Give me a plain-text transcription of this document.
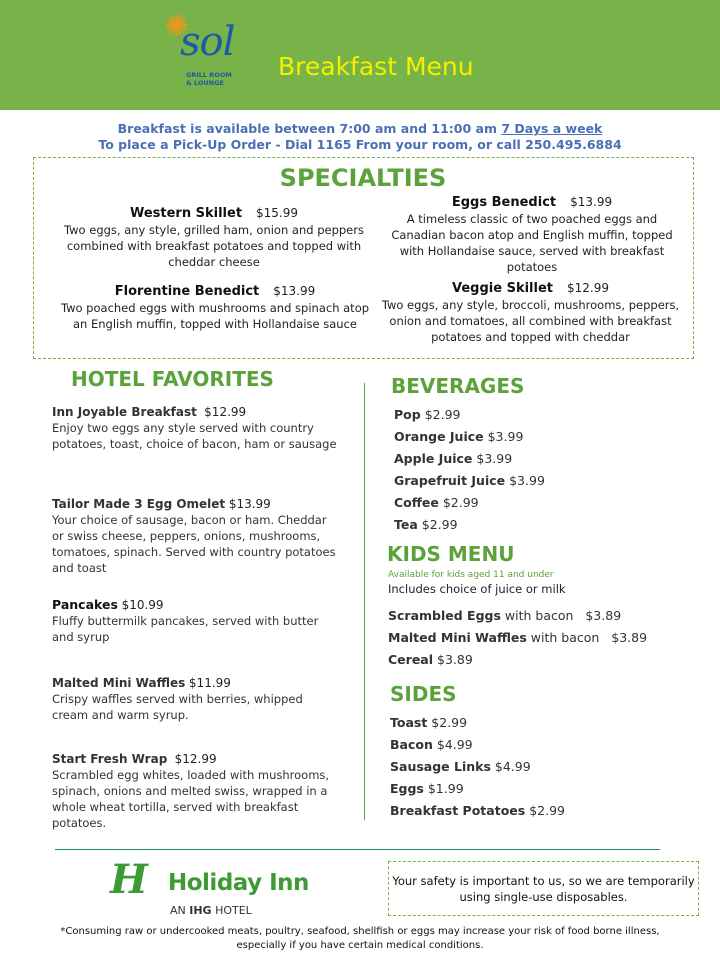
✺
sol
GRILL ROOM
& LOUNGE
Breakfast Menu
Breakfast is available between 7:00 am and 11:00 am 7 Days a week
To place a Pick-Up Order - Dial 1165 From your room, or call 250.495.6884
SPECIALTIES
Western Skillet $15.99
Two eggs, any style, grilled ham, onion and peppers combined with breakfast potatoes and topped with cheddar cheese
Florentine Benedict $13.99
Two poached eggs with mushrooms and spinach atop an English muffin, topped with Hollandaise sauce
Eggs Benedict $13.99
A timeless classic of two poached eggs and Canadian bacon atop and English muffin, topped with Hollandaise sauce, served with breakfast potatoes
Veggie Skillet $12.99
Two eggs, any style, broccoli, mushrooms, peppers, onion and tomatoes, all combined with breakfast potatoes and topped with cheddar
HOTEL FAVORITES
Inn Joyable Breakfast $12.99
Enjoy two eggs any style served with country potatoes, toast, choice of bacon, ham or sausage
Tailor Made 3 Egg Omelet $13.99
Your choice of sausage, bacon or ham. Cheddar or swiss cheese, peppers, onions, mushrooms, tomatoes, spinach. Served with country potatoes and toast
Pancakes $10.99
Fluffy buttermilk pancakes, served with butter and syrup
Malted Mini Waffles $11.99
Crispy waffles served with berries, whipped cream and warm syrup.
Start Fresh Wrap $12.99
Scrambled egg whites, loaded with mushrooms, spinach, onions and melted swiss, wrapped in a whole wheat tortilla, served with breakfast potatoes.
BEVERAGES
Pop $2.99
Orange Juice $3.99
Apple Juice $3.99
Grapefruit Juice $3.99
Coffee $2.99
Tea $2.99
KIDS MENU
Available for kids aged 11 and under
Includes choice of juice or milk
Scrambled Eggs with bacon $3.89
Malted Mini Waffles with bacon $3.89
Cereal $3.89
SIDES
Toast $2.99
Bacon $4.99
Sausage Links $4.99
Eggs $1.99
Breakfast Potatoes $2.99
H Holiday Inn
AN IHG HOTEL
Your safety is important to us, so we are temporarily using single-use disposables.
*Consuming raw or undercooked meats, poultry, seafood, shellfish or eggs may increase your risk of food borne illness, especially if you have certain medical conditions.
